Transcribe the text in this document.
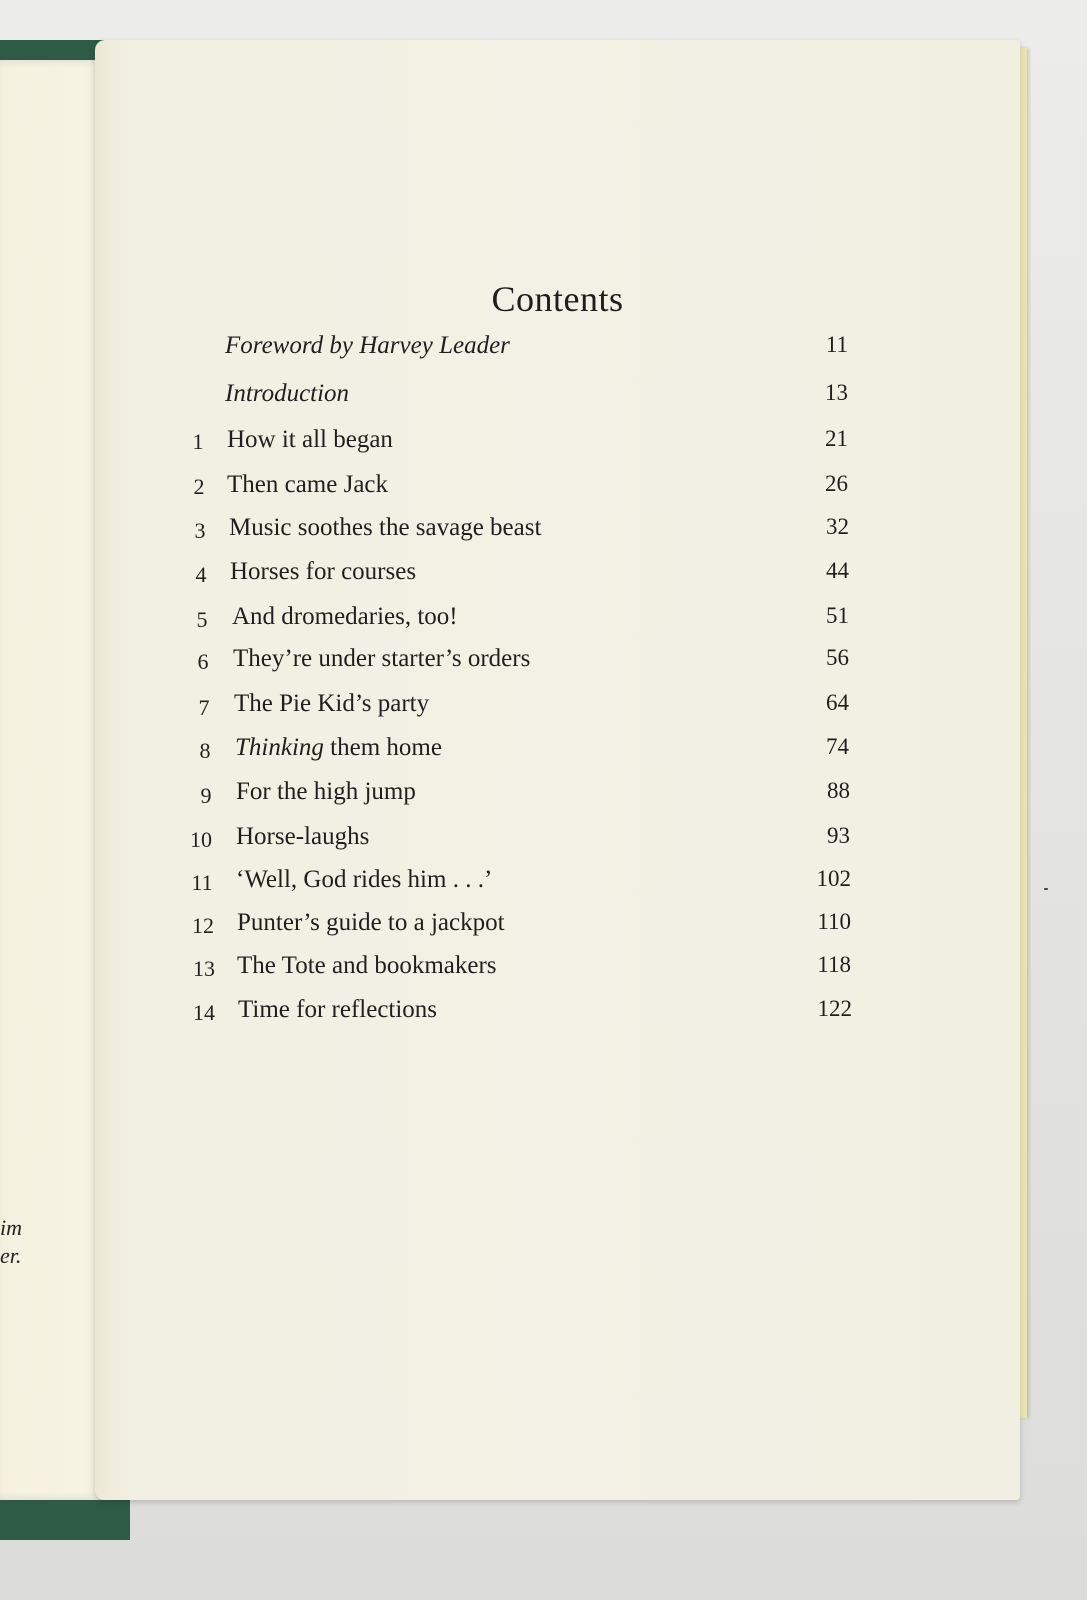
im
er.
Contents
Foreword by Harvey Leader	11
Introduction	13
1 How it all began	21
2 Then came Jack	26
3 Music soothes the savage beast	32
4 Horses for courses	44
5 And dromedaries, too!	51
6 They’re under starter’s orders	56
7 The Pie Kid’s party	64
8 Thinking them home	74
9 For the high jump	88
10 Horse-laughs	93
11 ‘Well, God rides him . . .’	102
12 Punter’s guide to a jackpot	110
13 The Tote and bookmakers	118
14 Time for reflections	122
